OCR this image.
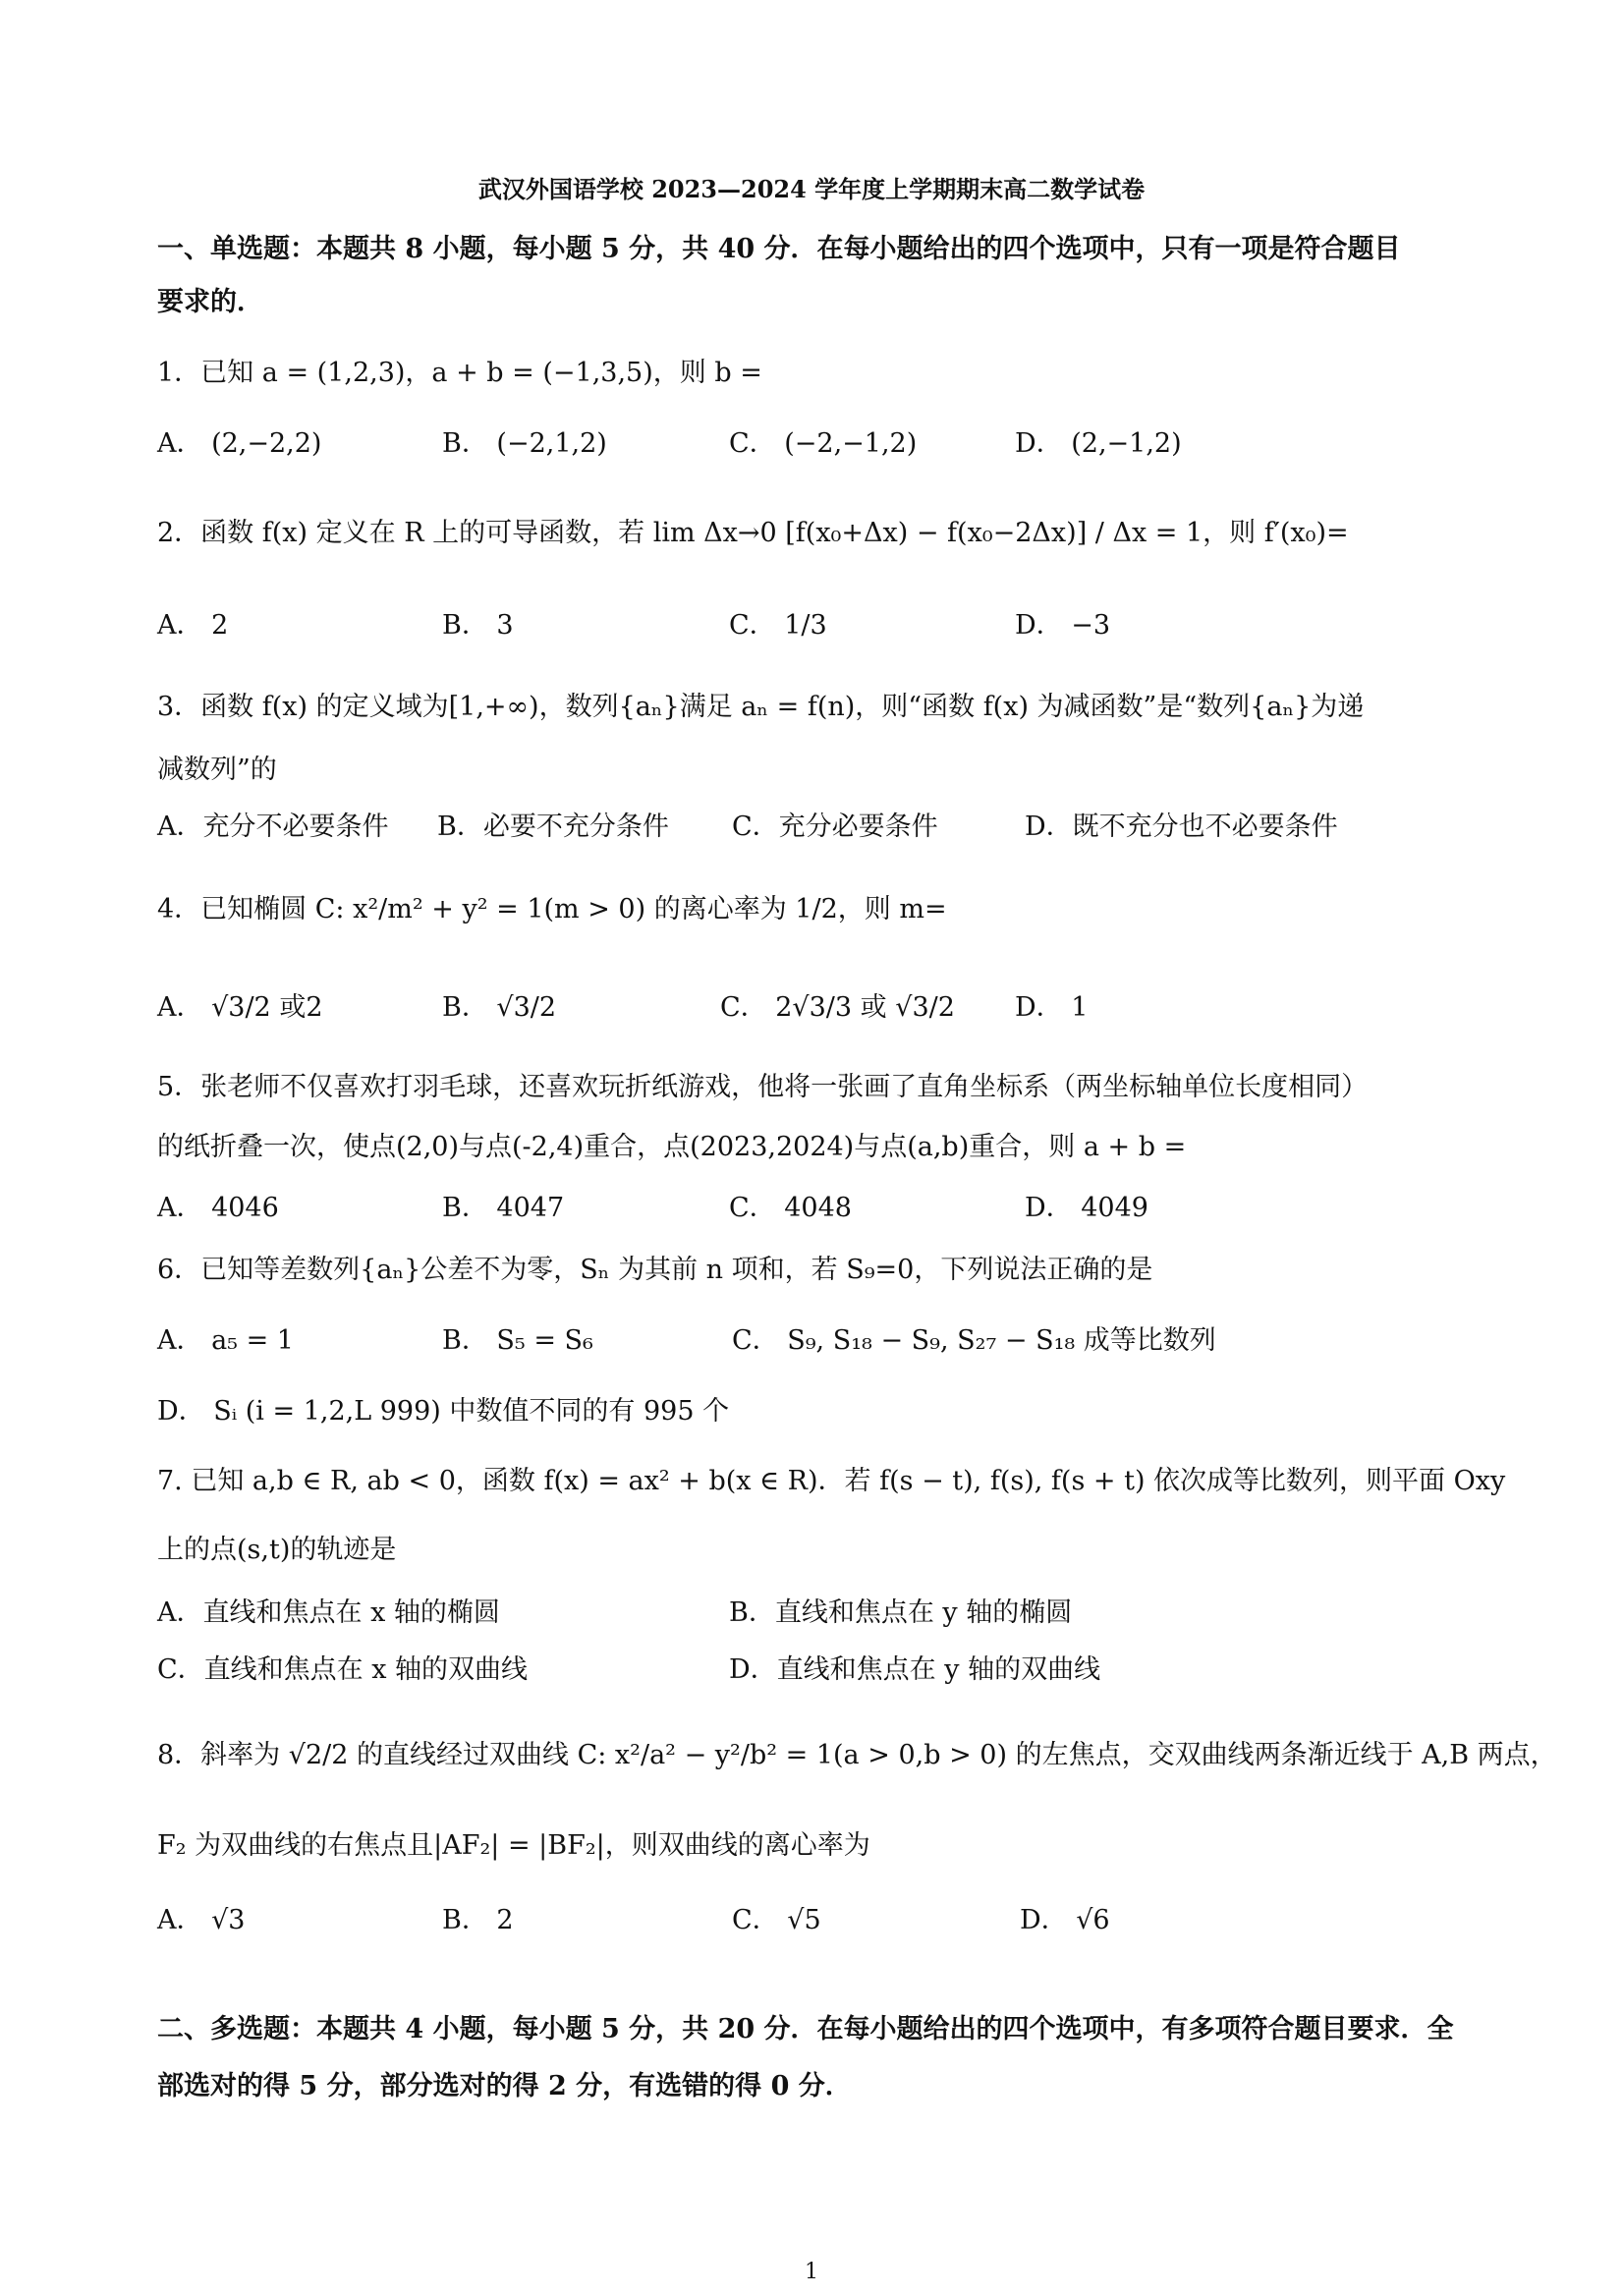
武汉外国语学校 2023—2024 学年度上学期期末高二数学试卷
一、单选题：本题共 8 小题，每小题 5 分，共 40 分．在每小题给出的四个选项中，只有一项是符合题目
要求的．
1．已知 a = (1,2,3)，a + b = (−1,3,5)，则 b =
A． (2,−2,2)	B． (−2,1,2)	C． (−2,−1,2)	D． (2,−1,2)
2．函数 f(x) 定义在 R 上的可导函数，若 lim Δx→0 [f(x₀+Δx) − f(x₀−2Δx)] / Δx = 1，则 f′(x₀)=
A． 2	B． 3	C． 1/3	D． −3
3．函数 f(x) 的定义域为[1,+∞)，数列{aₙ}满足 aₙ = f(n)，则“函数 f(x) 为减函数”是“数列{aₙ}为递
减数列”的
A．充分不必要条件 B．必要不充分条件 C．充分必要条件	D．既不充分也不必要条件
4．已知椭圆 C: x²/m² + y² = 1(m > 0) 的离心率为 1/2，则 m=
A． √3/2 或2	B． √3/2	C． 2√3/3 或 √3/2 D． 1
5．张老师不仅喜欢打羽毛球，还喜欢玩折纸游戏，他将一张画了直角坐标系（两坐标轴单位长度相同）
的纸折叠一次，使点(2,0)与点(-2,4)重合，点(2023,2024)与点(a,b)重合，则 a + b =
A． 4046	B． 4047	C． 4048	D． 4049
6．已知等差数列{aₙ}公差不为零，Sₙ 为其前 n 项和，若 S₉=0，下列说法正确的是
A． a₅ = 1	B． S₅ = S₆	C． S₉, S₁₈ − S₉, S₂₇ − S₁₈ 成等比数列
D． Sᵢ (i = 1,2,L 999) 中数值不同的有 995 个
7. 已知 a,b ∈ R, ab < 0，函数 f(x) = ax² + b(x ∈ R)．若 f(s − t), f(s), f(s + t) 依次成等比数列，则平面 Oxy
上的点(s,t)的轨迹是
A．直线和焦点在 x 轴的椭圆	B．直线和焦点在 y 轴的椭圆
C．直线和焦点在 x 轴的双曲线	D．直线和焦点在 y 轴的双曲线
8．斜率为 √2/2 的直线经过双曲线 C: x²/a² − y²/b² = 1(a > 0,b > 0) 的左焦点，交双曲线两条渐近线于 A,B 两点，
F₂ 为双曲线的右焦点且|AF₂| = |BF₂|，则双曲线的离心率为
A． √3	B． 2	C． √5	D． √6
二、多选题：本题共 4 小题，每小题 5 分，共 20 分．在每小题给出的四个选项中，有多项符合题目要求．全
部选对的得 5 分，部分选对的得 2 分，有选错的得 0 分．
1
